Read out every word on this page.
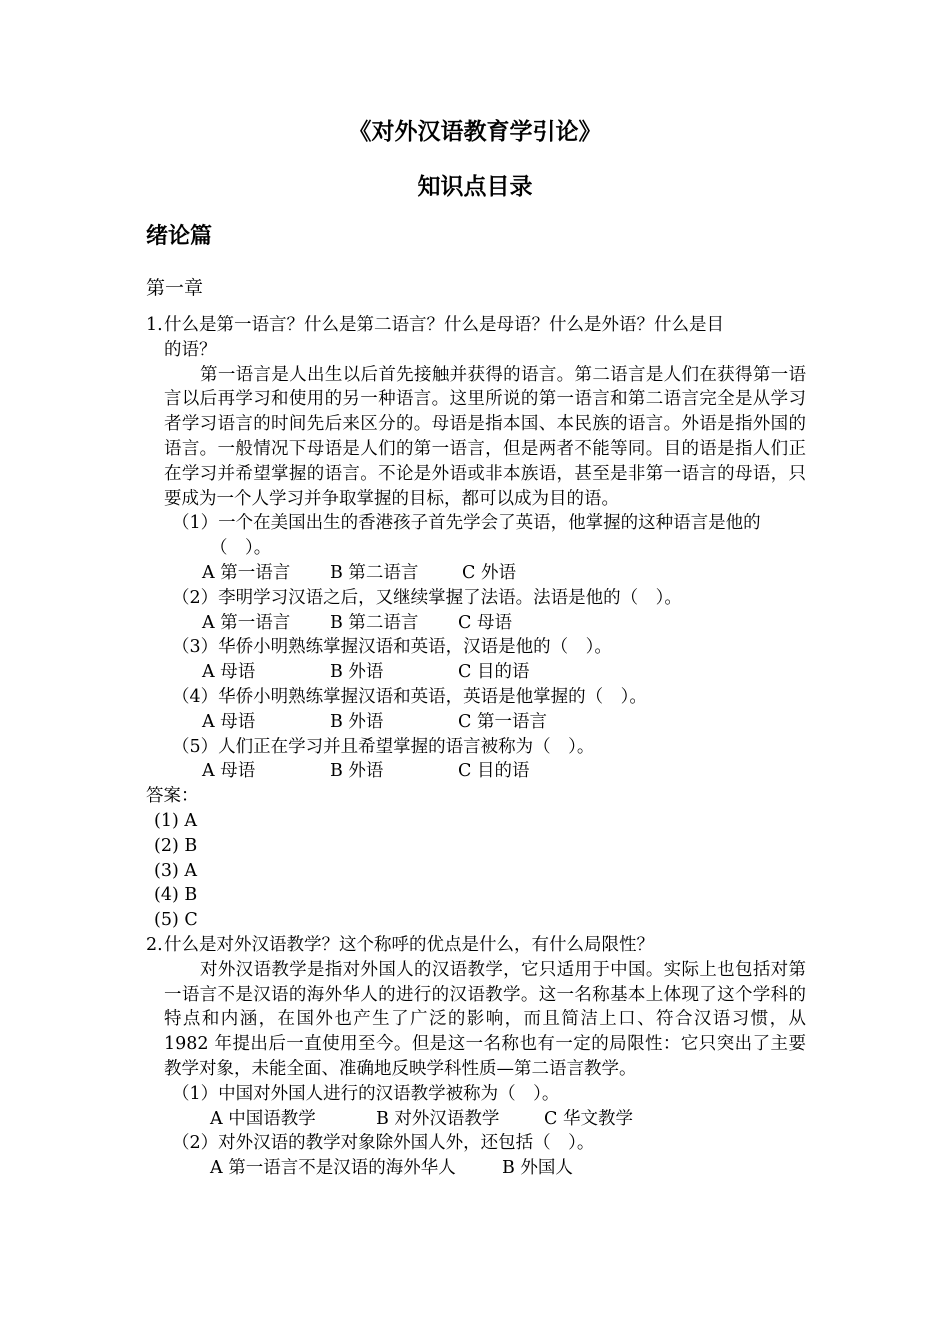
《对外汉语教育学引论》
知识点目录
绪论篇
第一章
1. 什么是第一语言？什么是第二语言？什么是母语？什么是外语？什么是目
的语？

第一语言是人出生以后首先接触并获得的语言。第二语言是人们在获得第一语言以后再学习和使用的另一种语言。这里所说的第一语言和第二语言完全是从学习者学习语言的时间先后来区分的。母语是指本国、本民族的语言。外语是指外国的语言。一般情况下母语是人们的第一语言，但是两者不能等同。目的语是指人们正在学习并希望掌握的语言。不论是外语或非本族语，甚至是非第一语言的母语，只要成为一个人学习并争取掌握的目标，都可以成为目的语。

（1）一个在美国出生的香港孩子首先学会了英语，他掌握的这种语言是他的
（　）。
A 第一语言 B 第二语言 C 外语
（2）李明学习汉语之后，又继续掌握了法语。法语是他的（　）。
A 第一语言 B 第二语言 C 母语
（3）华侨小明熟练掌握汉语和英语，汉语是他的（　）。
A 母语	B 外语	C 目的语
（4）华侨小明熟练掌握汉语和英语，英语是他掌握的（　）。
A 母语	B 外语	C 第一语言
（5）人们正在学习并且希望掌握的语言被称为（　）。
A 母语	B 外语	C 目的语
答案：
(1) A
(2) B
(3) A
(4) B
(5) C
2. 什么是对外汉语教学？这个称呼的优点是什么，有什么局限性？

对外汉语教学是指对外国人的汉语教学，它只适用于中国。实际上也包括对第一语言不是汉语的海外华人的进行的汉语教学。这一名称基本上体现了这个学科的特点和内涵，在国外也产生了广泛的影响，而且简洁上口、符合汉语习惯，从 1982 年提出后一直使用至今。但是这一名称也有一定的局限性：它只突出了主要教学对象，未能全面、准确地反映学科性质—第二语言教学。

（1）中国对外国人进行的汉语教学被称为（　）。
A 中国语教学	B 对外汉语教学	C 华文教学
（2）对外汉语的教学对象除外国人外，还包括（　）。
A 第一语言不是汉语的海外华人	B 外国人
